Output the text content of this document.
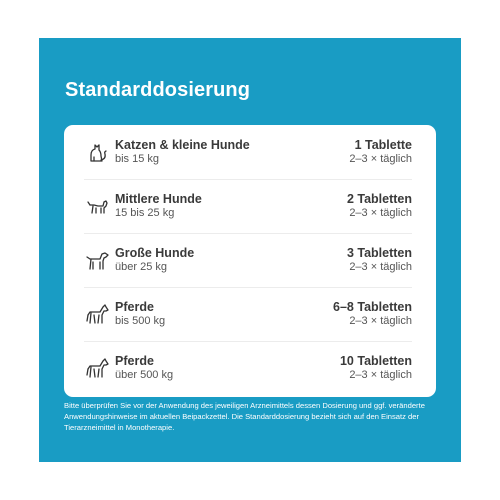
Standarddosierung
Katzen & kleine Hunde
bis 15 kg
1 Tablette
2–3 × täglich
Mittlere Hunde
15 bis 25 kg
2 Tabletten
2–3 × täglich
Große Hunde
über 25 kg
3 Tabletten
2–3 × täglich
Pferde
bis 500 kg
6–8 Tabletten
2–3 × täglich
Pferde
über 500 kg
10 Tabletten
2–3 × täglich

Bitte überprüfen Sie vor der Anwendung des jeweiligen Arzneimittels dessen Dosierung und ggf. veränderte Anwendungshinweise im aktuellen Beipackzettel. Die Standarddosierung bezieht sich auf den Einsatz der Tierarzneimittel in Monotherapie.
